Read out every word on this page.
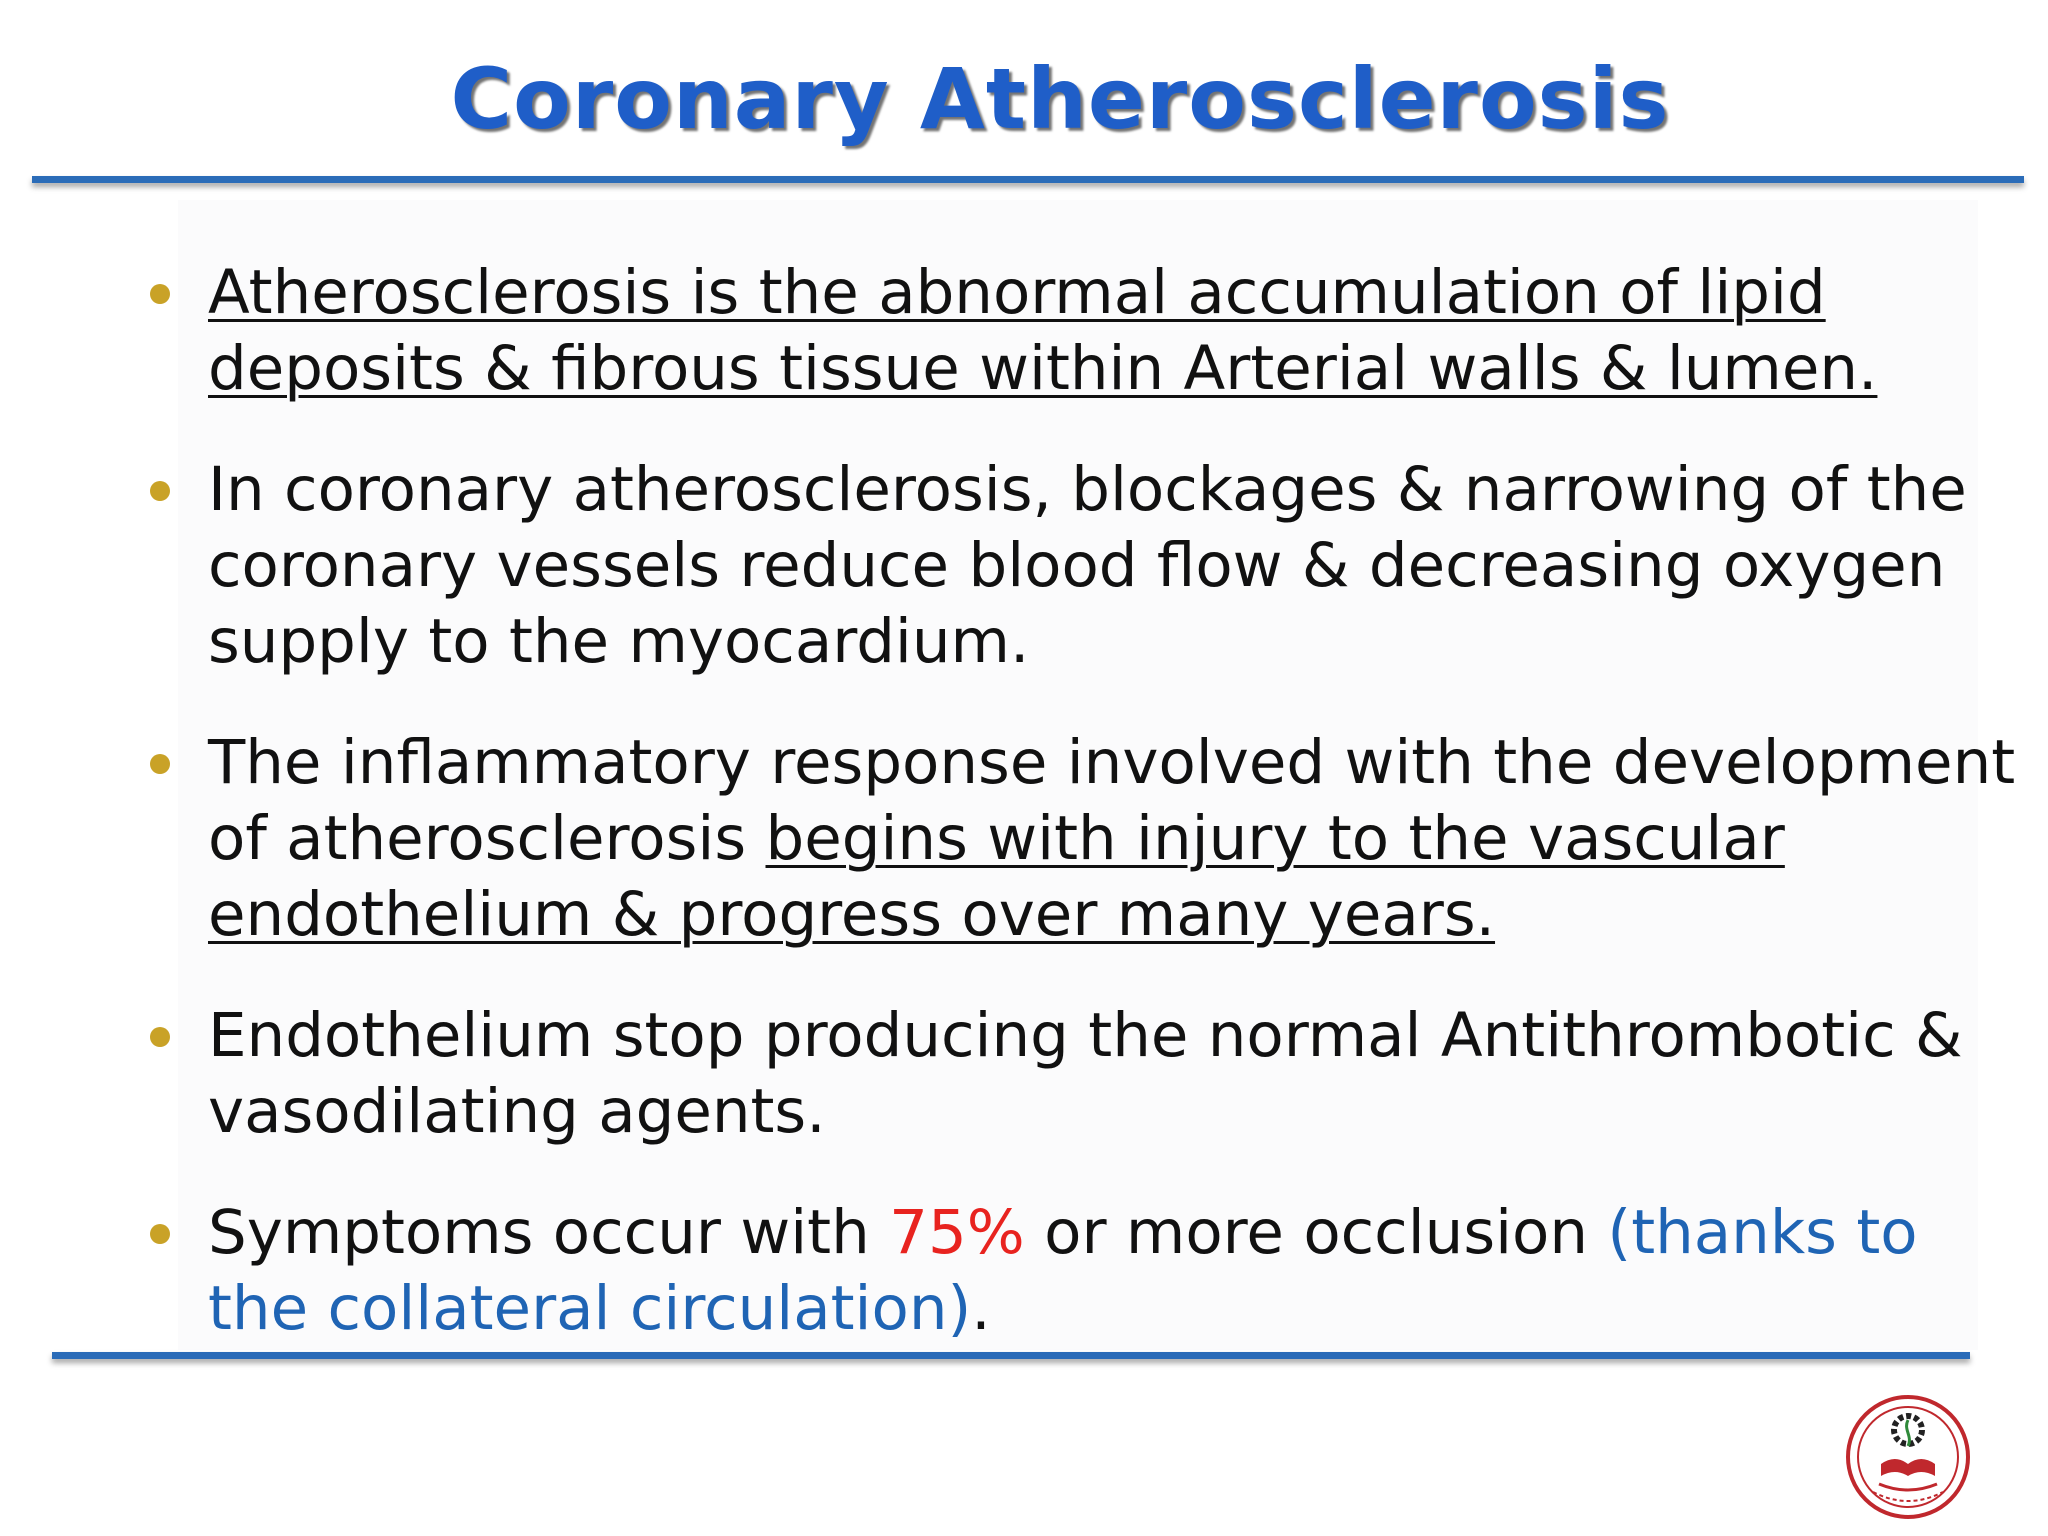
Coronary Atherosclerosis
Atherosclerosis is the abnormal accumulation of lipid deposits & fibrous tissue within Arterial walls & lumen.
In coronary atherosclerosis, blockages & narrowing of the coronary vessels reduce blood flow & decreasing oxygen supply to the myocardium.
The inflammatory response involved with the development of atherosclerosis begins with injury to the vascular endothelium & progress over many years.
Endothelium stop producing the normal Antithrombotic & vasodilating agents.
Symptoms occur with 75% or more occlusion (thanks to the collateral circulation).
